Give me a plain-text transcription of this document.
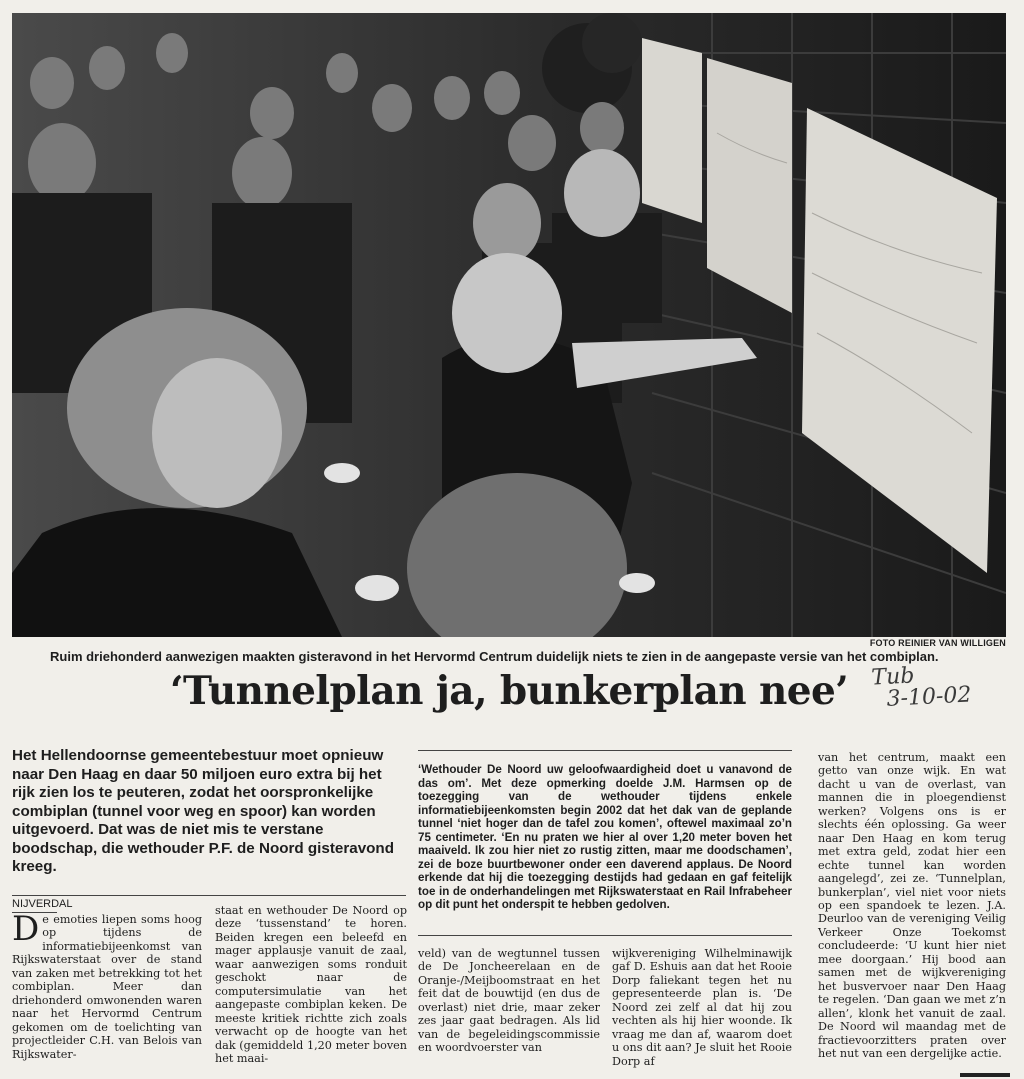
FOTO REINIER VAN WILLIGEN
Ruim driehonderd aanwezigen maakten gisteravond in het Hervormd Centrum duidelijk niets te zien in de aangepaste versie van het combiplan.
‘Tunnelplan ja, bunkerplan nee’ Tub
3-10-02
Het Hellendoornse gemeentebestuur moet opnieuw naar Den Haag en daar 50 miljoen euro extra bij het rijk zien los te peuteren, zodat het oorspronkelijke combiplan (tunnel voor weg en spoor) kan worden uitgevoerd. Dat was de niet mis te verstane boodschap, die wethouder P.F. de Noord gisteravond kreeg.
NIJVERDAL

De emoties liepen soms hoog op tijdens de informatiebijeenkomst van Rijkswaterstaat over de stand van zaken met betrekking tot het combiplan. Meer dan driehonderd omwonenden waren naar het Hervormd Centrum gekomen om de toelichting van projectleider C.H. van Belois van Rijkswater-

staat en wethouder De Noord op deze ‘tussenstand’ te horen. Beiden kregen een beleefd en mager applausje vanuit de zaal, waar aanwezigen soms ronduit geschokt naar de computersimulatie van het aangepaste combiplan keken. De meeste kritiek richtte zich zoals verwacht op de hoogte van het dak (gemiddeld 1,20 meter boven het maai-

‘Wethouder De Noord uw geloofwaardigheid doet u vanavond de das om’. Met deze opmerking doelde J.M. Harmsen op de toezegging van de wethouder tijdens enkele informatiebijeenkomsten begin 2002 dat het dak van de geplande tunnel ‘niet hoger dan de tafel zou komen’, oftewel maximaal zo’n 75 centimeter. ‘En nu praten we hier al over 1,20 meter boven het maaiveld. Ik zou hier niet zo rustig zitten, maar me doodschamen’, zei de boze buurtbewoner onder een daverend applaus. De Noord erkende dat hij die toezegging destijds had gedaan en gaf feitelijk toe in de onderhandelingen met Rijkswaterstaat en Rail Infrabeheer op dit punt het onderspit te hebben gedolven.

veld) van de wegtunnel tussen de De Joncheerelaan en de Oranje-/Meijboomstraat en het feit dat de bouwtijd (en dus de overlast) niet drie, maar zeker zes jaar gaat bedragen. Als lid van de begeleidingscommissie en woordvoerster van

wijkvereniging Wilhelminawijk gaf D. Eshuis aan dat het Rooie Dorp faliekant tegen het nu gepresenteerde plan is. ‘De Noord zei zelf al dat hij zou vechten als hij hier woonde. Ik vraag me dan af, waarom doet u ons dit aan? Je sluit het Rooie Dorp af

van het centrum, maakt een getto van onze wijk. En wat dacht u van de overlast, van mannen die in ploegendienst werken? Volgens ons is er slechts één oplossing. Ga weer naar Den Haag en kom terug met extra geld, zodat hier een echte tunnel kan worden aangelegd’, zei ze. ‘Tunnelplan, bunkerplan’, viel niet voor niets op een spandoek te lezen. J.A. Deurloo van de vereniging Veilig Verkeer Onze Toekomst concludeerde: ‘U kunt hier niet mee doorgaan.’ Hij bood aan samen met de wijkvereniging het busvervoer naar Den Haag te regelen. ‘Dan gaan we met z’n allen’, klonk het vanuit de zaal. De Noord wil maandag met de fractievoorzitters praten over het nut van een dergelijke actie.
